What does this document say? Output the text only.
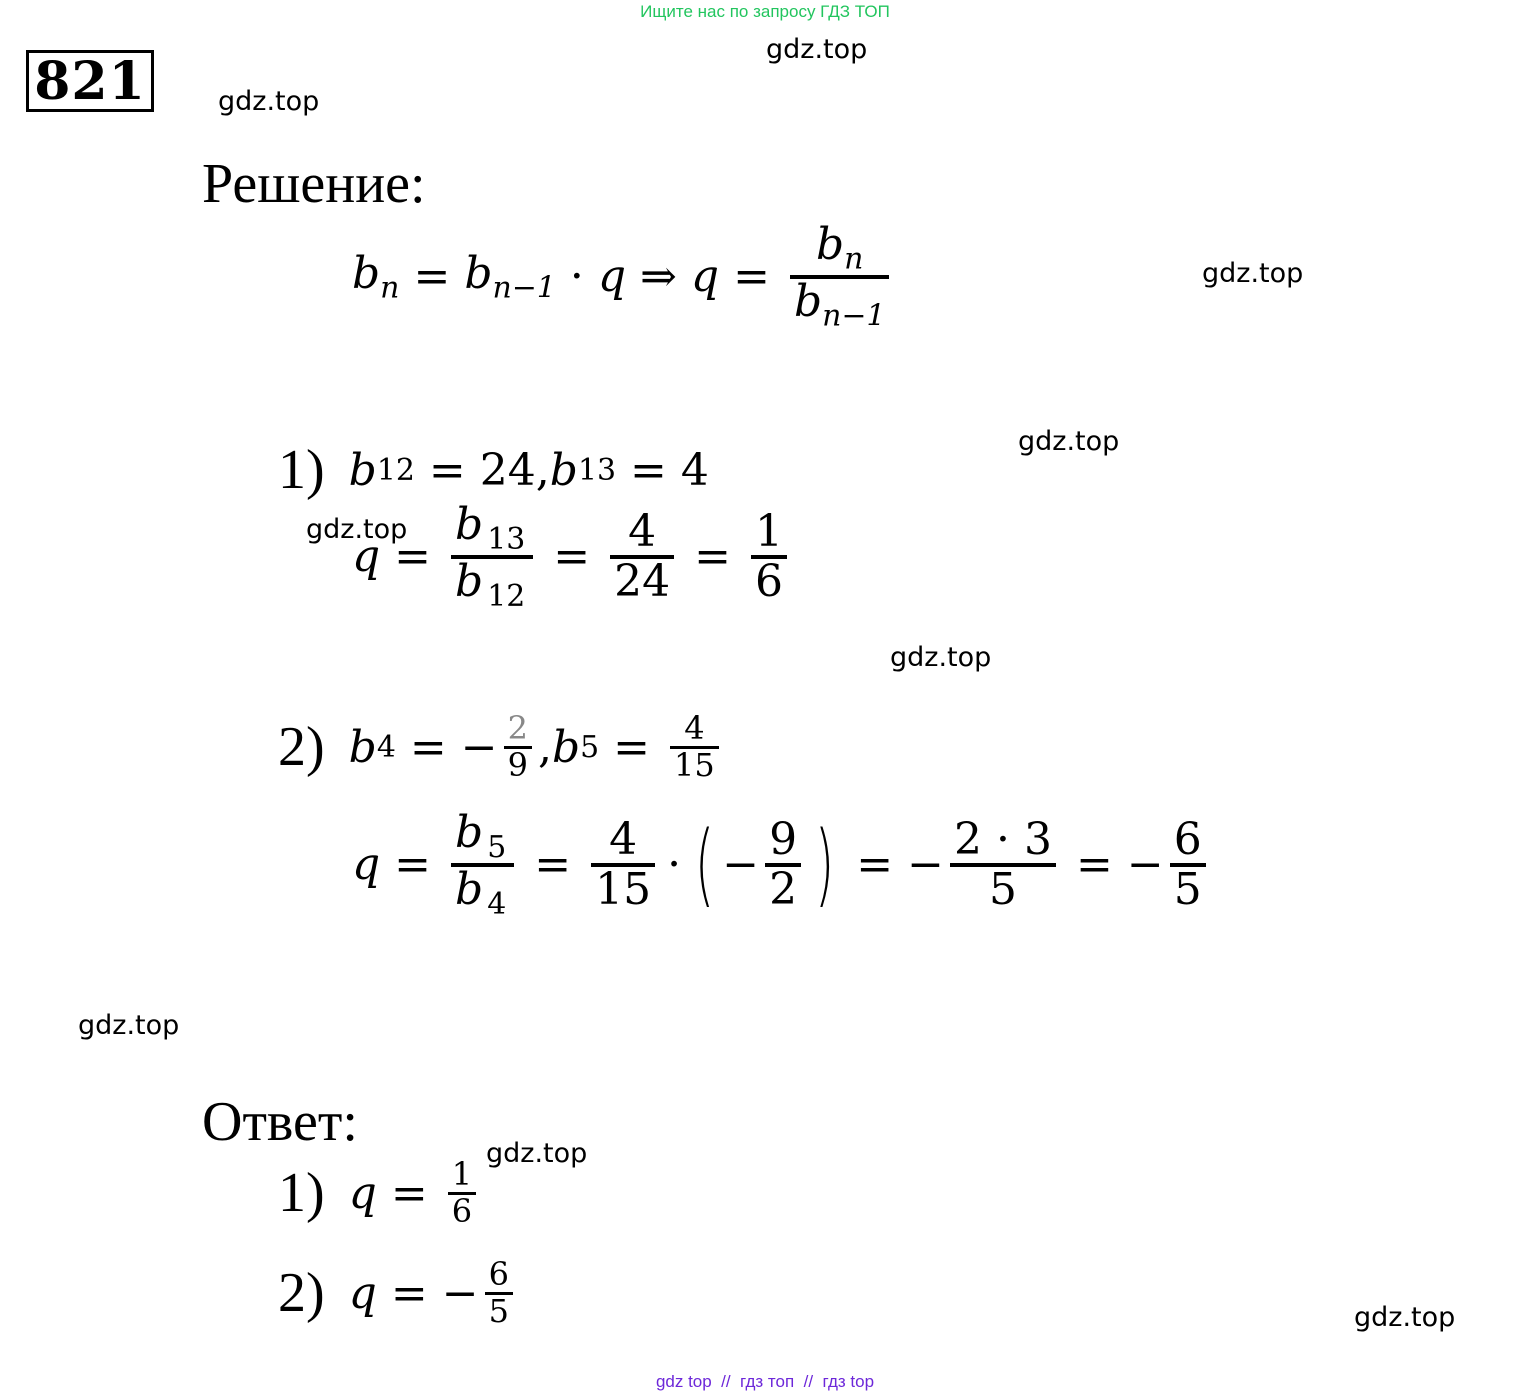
Ищите нас по запросу ГДЗ ТОП
821
gdz.top
gdz.top
gdz.top
gdz.top
gdz.top
gdz.top
gdz.top
gdz.top
gdz.top
Решение:
$b_n = b_{n-1} \cdot q$ ⇒ $q = \frac{b_n}{b_{n-1}}$
1) b 12 = 24 , b 13 = 4
$q = \frac{b _{13}}{b _{12}} = \frac{4}{24} = \frac{1}{6}$
2) b 4 = − $\frac{2}{9}$ , b $5 = \frac{4}{15}$
$q = \frac{b _5}{b _4} = \frac{4}{15}$ · ( − $\frac{9}{2}$ ) = − $\frac{2 \cdot 3}{5}$ = − $\frac{6}{5}$
Ответ:
1) $q = \frac{1}{6}$
2) q = − $\frac{6}{5}$
gdz top  //  гдз топ  //  гдз top
